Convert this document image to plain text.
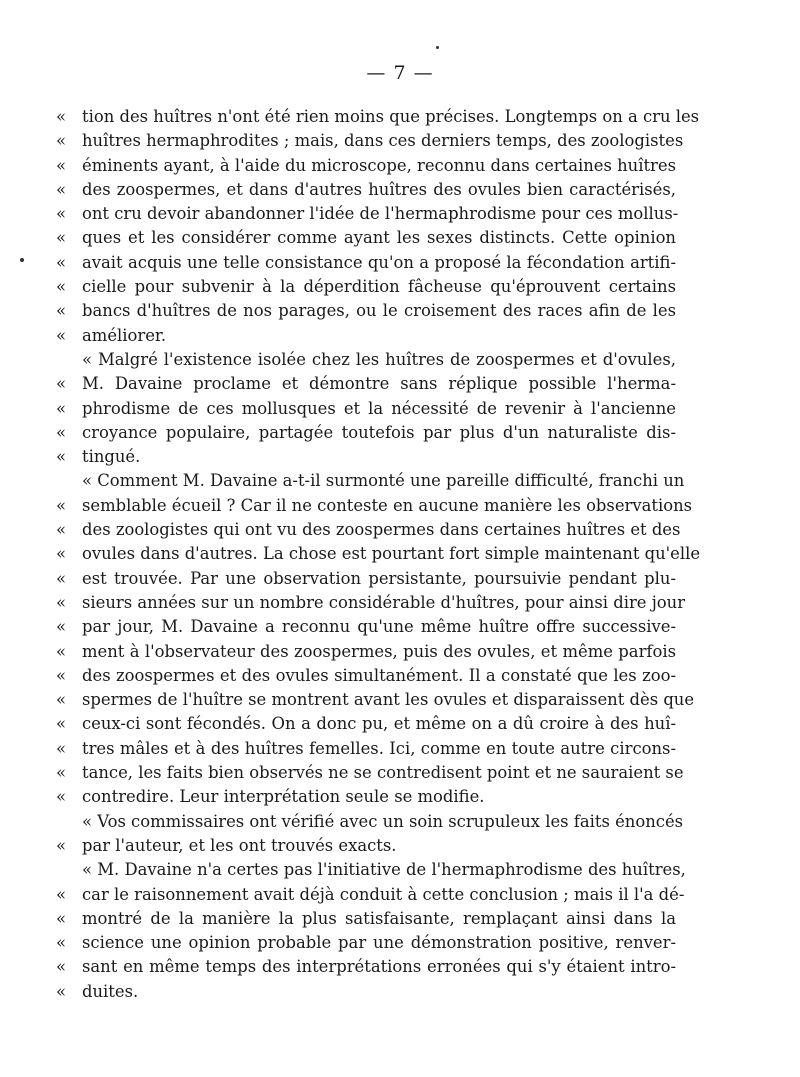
— 7 —
« tion des huîtres n'ont été rien moins que précises. Longtemps on a cru les
« huîtres hermaphrodites ; mais, dans ces derniers temps, des zoologistes
« éminents ayant, à l'aide du microscope, reconnu dans certaines huîtres
« des zoospermes, et dans d'autres huîtres des ovules bien caractérisés,
« ont cru devoir abandonner l'idée de l'hermaphrodisme pour ces mollus-
« ques et les considérer comme ayant les sexes distincts. Cette opinion
« avait acquis une telle consistance qu'on a proposé la fécondation artifi-
« cielle pour subvenir à la déperdition fâcheuse qu'éprouvent certains
« bancs d'huîtres de nos parages, ou le croisement des races afin de les
« améliorer.
« Malgré l'existence isolée chez les huîtres de zoospermes et d'ovules,
« M. Davaine proclame et démontre sans réplique possible l'herma-
« phrodisme de ces mollusques et la nécessité de revenir à l'ancienne
« croyance populaire, partagée toutefois par plus d'un naturaliste dis-
« tingué.
« Comment M. Davaine a-t-il surmonté une pareille difficulté, franchi un
« semblable écueil ? Car il ne conteste en aucune manière les observations
« des zoologistes qui ont vu des zoospermes dans certaines huîtres et des
« ovules dans d'autres. La chose est pourtant fort simple maintenant qu'elle
« est trouvée. Par une observation persistante, poursuivie pendant plu-
« sieurs années sur un nombre considérable d'huîtres, pour ainsi dire jour
« par jour, M. Davaine a reconnu qu'une même huître offre successive-
« ment à l'observateur des zoospermes, puis des ovules, et même parfois
« des zoospermes et des ovules simultanément. Il a constaté que les zoo-
« spermes de l'huître se montrent avant les ovules et disparaissent dès que
« ceux-ci sont fécondés. On a donc pu, et même on a dû croire à des huî-
« tres mâles et à des huîtres femelles. Ici, comme en toute autre circons-
« tance, les faits bien observés ne se contredisent point et ne sauraient se
« contredire. Leur interprétation seule se modifie.
« Vos commissaires ont vérifié avec un soin scrupuleux les faits énoncés
« par l'auteur, et les ont trouvés exacts.
« M. Davaine n'a certes pas l'initiative de l'hermaphrodisme des huîtres,
« car le raisonnement avait déjà conduit à cette conclusion ; mais il l'a dé-
« montré de la manière la plus satisfaisante, remplaçant ainsi dans la
« science une opinion probable par une démonstration positive, renver-
« sant en même temps des interprétations erronées qui s'y étaient intro-
« duites.
